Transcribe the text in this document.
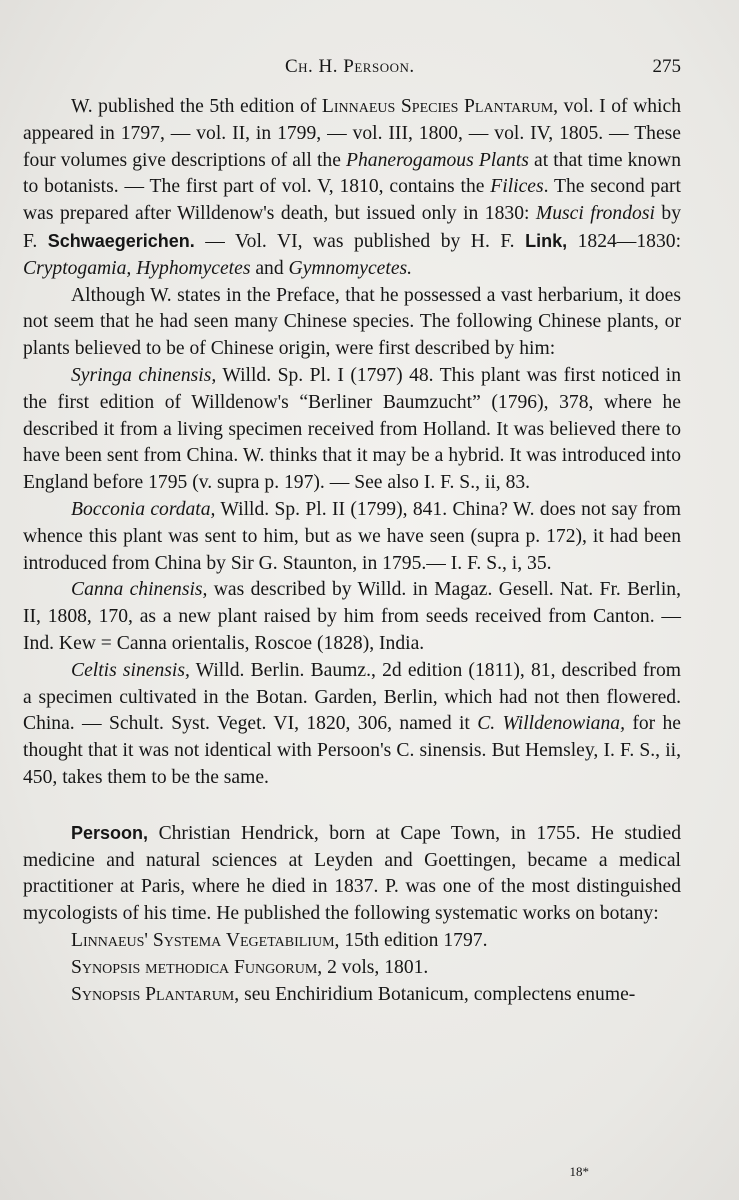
Ch. H. Persoon.	275

W. published the 5th edition of Linnaeus Species Plantarum, vol. I of which appeared in 1797, — vol. II, in 1799, — vol. III, 1800, — vol. IV, 1805. — These four volumes give descriptions of all the Phanerogamous Plants at that time known to botanists. — The first part of vol. V, 1810, contains the Filices. The second part was prepared after Willdenow's death, but issued only in 1830: Musci frondosi by F. Schwaegerichen. — Vol. VI, was published by H. F. Link, 1824—1830: Cryptogamia, Hyphomycetes and Gymnomycetes.

Although W. states in the Preface, that he possessed a vast herbarium, it does not seem that he had seen many Chinese species. The following Chinese plants, or plants believed to be of Chinese origin, were first described by him:

Syringa chinensis, Willd. Sp. Pl. I (1797) 48. This plant was first noticed in the first edition of Willdenow's “Berliner Baumzucht” (1796), 378, where he described it from a living specimen received from Holland. It was believed there to have been sent from China. W. thinks that it may be a hybrid. It was introduced into England before 1795 (v. supra p. 197). — See also I. F. S., ii, 83.

Bocconia cordata, Willd. Sp. Pl. II (1799), 841. China? W. does not say from whence this plant was sent to him, but as we have seen (supra p. 172), it had been introduced from China by Sir G. Staunton, in 1795.— I. F. S., i, 35.

Canna chinensis, was described by Willd. in Magaz. Gesell. Nat. Fr. Berlin, II, 1808, 170, as a new plant raised by him from seeds received from Canton. — Ind. Kew = Canna orientalis, Roscoe (1828), India.

Celtis sinensis, Willd. Berlin. Baumz., 2d edition (1811), 81, described from a specimen cultivated in the Botan. Garden, Berlin, which had not then flowered. China. — Schult. Syst. Veget. VI, 1820, 306, named it C. Willdenowiana, for he thought that it was not identical with Persoon's C. sinensis. But Hemsley, I. F. S., ii, 450, takes them to be the same.

Persoon, Christian Hendrick, born at Cape Town, in 1755. He studied medicine and natural sciences at Leyden and Goettingen, became a medical practitioner at Paris, where he died in 1837. P. was one of the most distinguished mycologists of his time. He published the following systematic works on botany:

Linnaeus' Systema Vegetabilium, 15th edition 1797.
Synopsis methodica Fungorum, 2 vols, 1801.
Synopsis Plantarum, seu Enchiridium Botanicum, complectens enume-
18*
